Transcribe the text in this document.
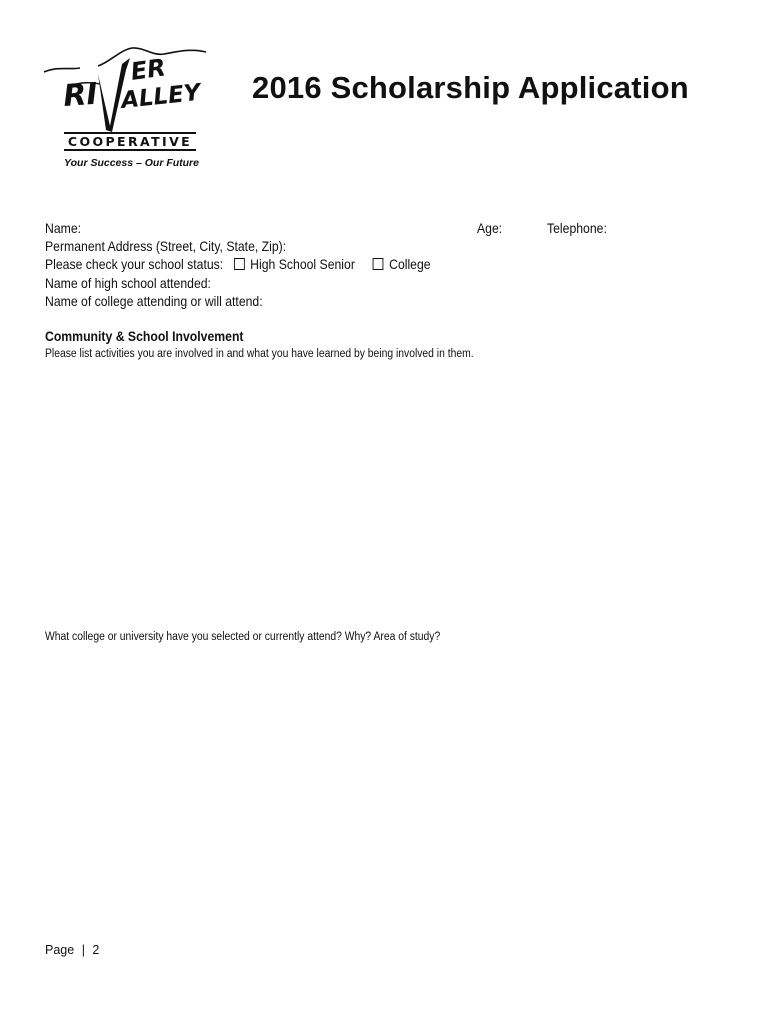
RI
ER
ALLEY
COOPERATIVE
Your Success – Our Future
2016 Scholarship Application
Name:	Age:	Telephone:
Permanent Address (Street, City, State, Zip):
Please check your school status: High School Senior	College
Name of high school attended:
Name of college attending or will attend:
Community & School Involvement
Please list activities you are involved in and what you have learned by being involved in them.
What college or university have you selected or currently attend? Why? Area of study?
Page | 2
